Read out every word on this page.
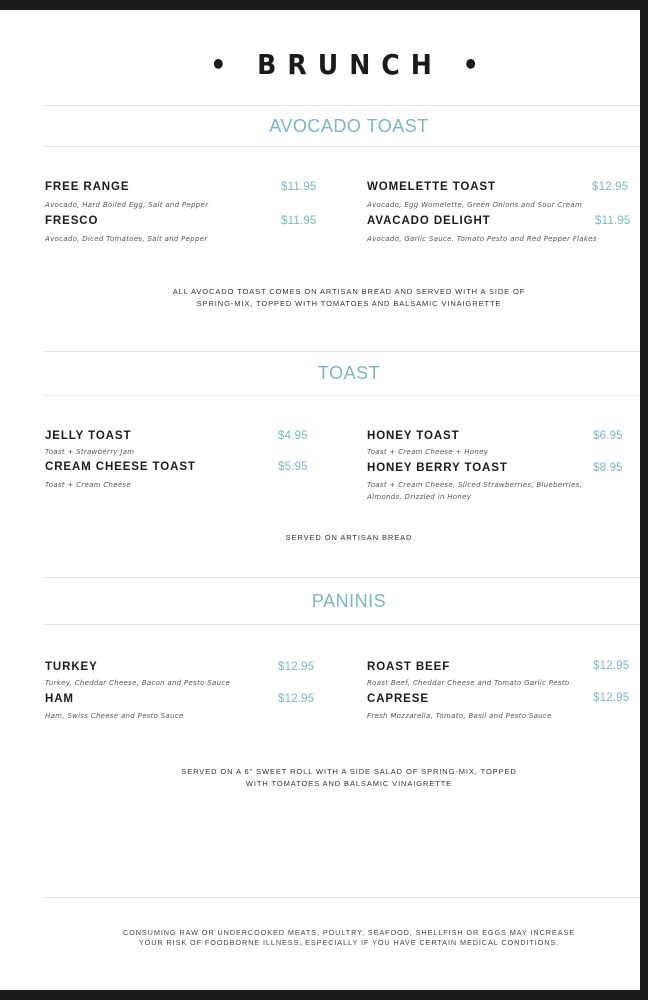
• BRUNCH •
AVOCADO TOAST
FREE RANGE	$11.95
Avocado, Hard Boiled Egg, Salt and Pepper
FRESCO	$11.95
Avocado, Diced Tomatoes, Salt and Pepper
WOMELETTE TOAST	$12.95
Avocado, Egg Womelette, Green Onions and Sour Cream
AVACADO DELIGHT	$11.95
Avocado, Garlic Sauce, Tomato Pesto and Red Pepper Flakes
ALL AVOCADO TOAST COMES ON ARTISAN BREAD AND SERVED WITH A SIDE OF
SPRING-MIX, TOPPED WITH TOMATOES AND BALSAMIC VINAIGRETTE
TOAST
JELLY TOAST	$4.95
Toast + Strawberry Jam
CREAM CHEESE TOAST	$5.95
Toast + Cream Cheese
HONEY TOAST	$6.95
Toast + Cream Cheese + Honey
HONEY BERRY TOAST	$8.95
Toast + Cream Cheese, Sliced Strawberries, Blueberries,
Almonds, Drizzled in Honey
SERVED ON ARTISAN BREAD
PANINIS
TURKEY	$12.95
Turkey, Cheddar Cheese, Bacon and Pesto Sauce
HAM	$12.95
Ham, Swiss Cheese and Pesto Sauce
ROAST BEEF	$12.95
Roast Beef, Cheddar Cheese and Tomato Garlic Pesto
CAPRESE	$12.95
Fresh Mozzarella, Tomato, Basil and Pesto Sauce
SERVED ON A 6" SWEET ROLL WITH A SIDE SALAD OF SPRING-MIX, TOPPED
WITH TOMATOES AND BALSAMIC VINAIGRETTE
CONSUMING RAW OR UNDERCOOKED MEATS, POULTRY, SEAFOOD, SHELLFISH OR EGGS MAY INCREASE
YOUR RISK OF FOODBORNE ILLNESS, ESPECIALLY IF YOU HAVE CERTAIN MEDICAL CONDITIONS.
